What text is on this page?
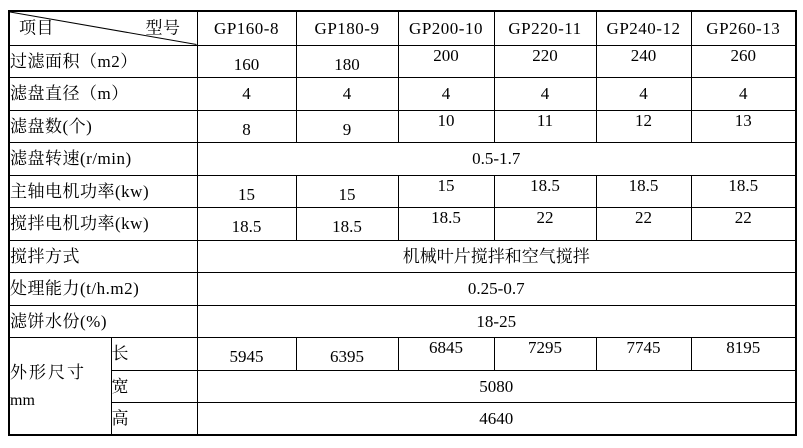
项目 型号		GP160-8	GP180-9	GP200-10	GP220-11	GP240-12	GP260-13
过滤面积（m2）		160	180	200	220	240	260
滤盘直径（m）		4	4	4	4	4	4
滤盘数(个)		8	9	10	11	12	13
滤盘转速(r/min)		0.5-1.7					
主轴电机功率(kw)		15	15	15	18.5	18.5	18.5
搅拌电机功率(kw)		18.5	18.5	18.5	22	22	22
搅拌方式		机械叶片搅拌和空气搅拌					
处理能力(t/h.m2)		0.25-0.7					
滤饼水份(%)		18-25					

外形尺寸
mm	长	5945	6395	6845	7295	7745	8195
	宽	5080					
	高	4640					
